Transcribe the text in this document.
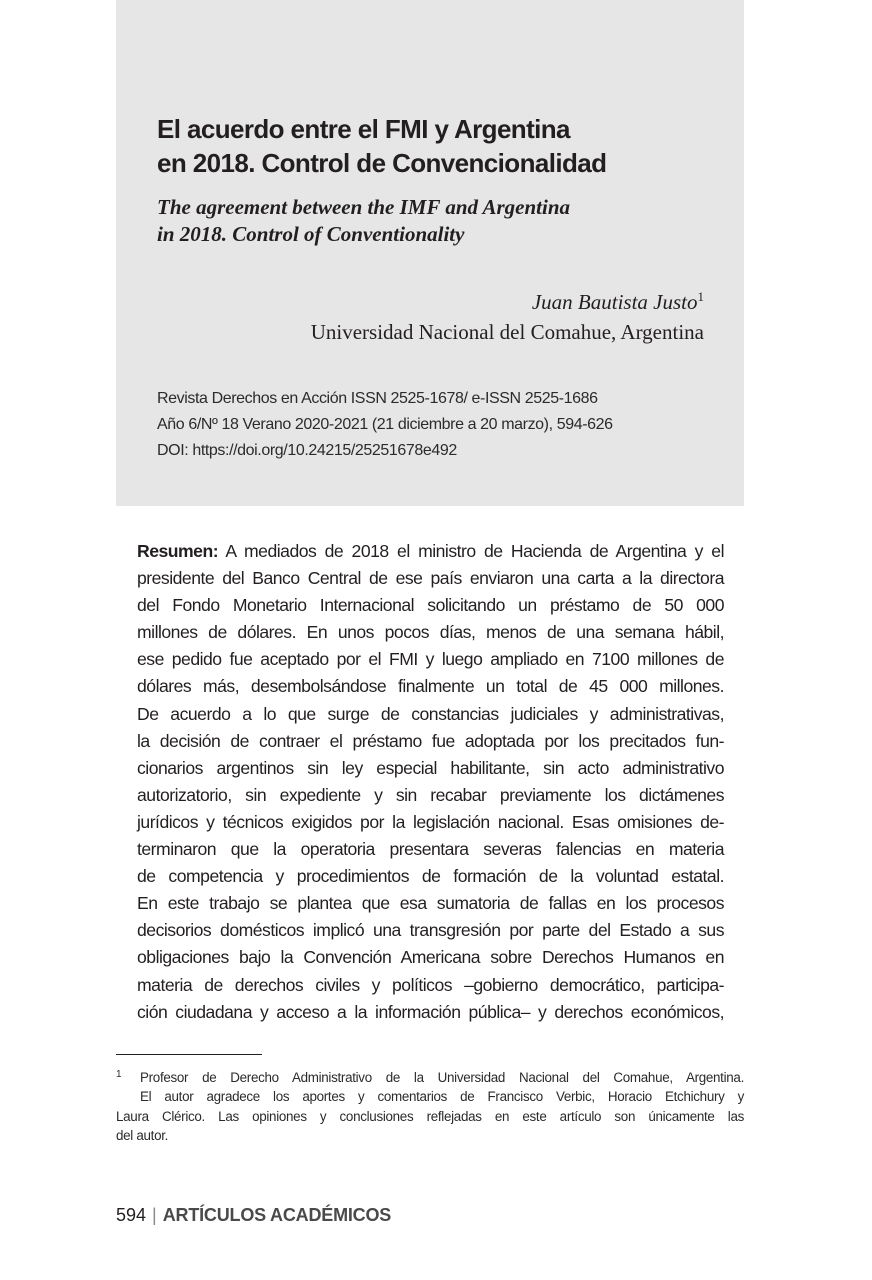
El acuerdo entre el FMI y Argentina
en 2018. Control de Convencionalidad
The agreement between the IMF and Argentina
in 2018. Control of Conventionality
Juan Bautista Justo$^1$
Universidad Nacional del Comahue, Argentina
Revista Derechos en Acción ISSN 2525-1678/ e-ISSN 2525-1686
Año 6/Nº 18 Verano 2020-2021 (21 diciembre a 20 marzo), 594-626
DOI: https://doi.org/10.24215/25251678e492
Resumen: A mediados de 2018 el ministro de Hacienda de Argentina y el
presidente del Banco Central de ese país enviaron una carta a la directora
del Fondo Monetario Internacional solicitando un préstamo de 50 000
millones de dólares. En unos pocos días, menos de una semana hábil,
ese pedido fue aceptado por el FMI y luego ampliado en 7100 millones de
dólares más, desembolsándose finalmente un total de 45 000 millones.
De acuerdo a lo que surge de constancias judiciales y administrativas,
la decisión de contraer el préstamo fue adoptada por los precitados fun-
cionarios argentinos sin ley especial habilitante, sin acto administrativo
autorizatorio, sin expediente y sin recabar previamente los dictámenes
jurídicos y técnicos exigidos por la legislación nacional. Esas omisiones de-
terminaron que la operatoria presentara severas falencias en materia
de competencia y procedimientos de formación de la voluntad estatal.
En este trabajo se plantea que esa sumatoria de fallas en los procesos
decisorios domésticos implicó una transgresión por parte del Estado a sus
obligaciones bajo la Convención Americana sobre Derechos Humanos en
materia de derechos civiles y políticos –gobierno democrático, participa-
ción ciudadana y acceso a la información pública– y derechos económicos,
1 Profesor de Derecho Administrativo de la Universidad Nacional del Comahue, Argentina.
El autor agradece los aportes y comentarios de Francisco Verbic, Horacio Etchichury y
Laura Clérico. Las opiniones y conclusiones reflejadas en este artículo son únicamente las
del autor.
594 | ARTÍCULOS ACADÉMICOS
